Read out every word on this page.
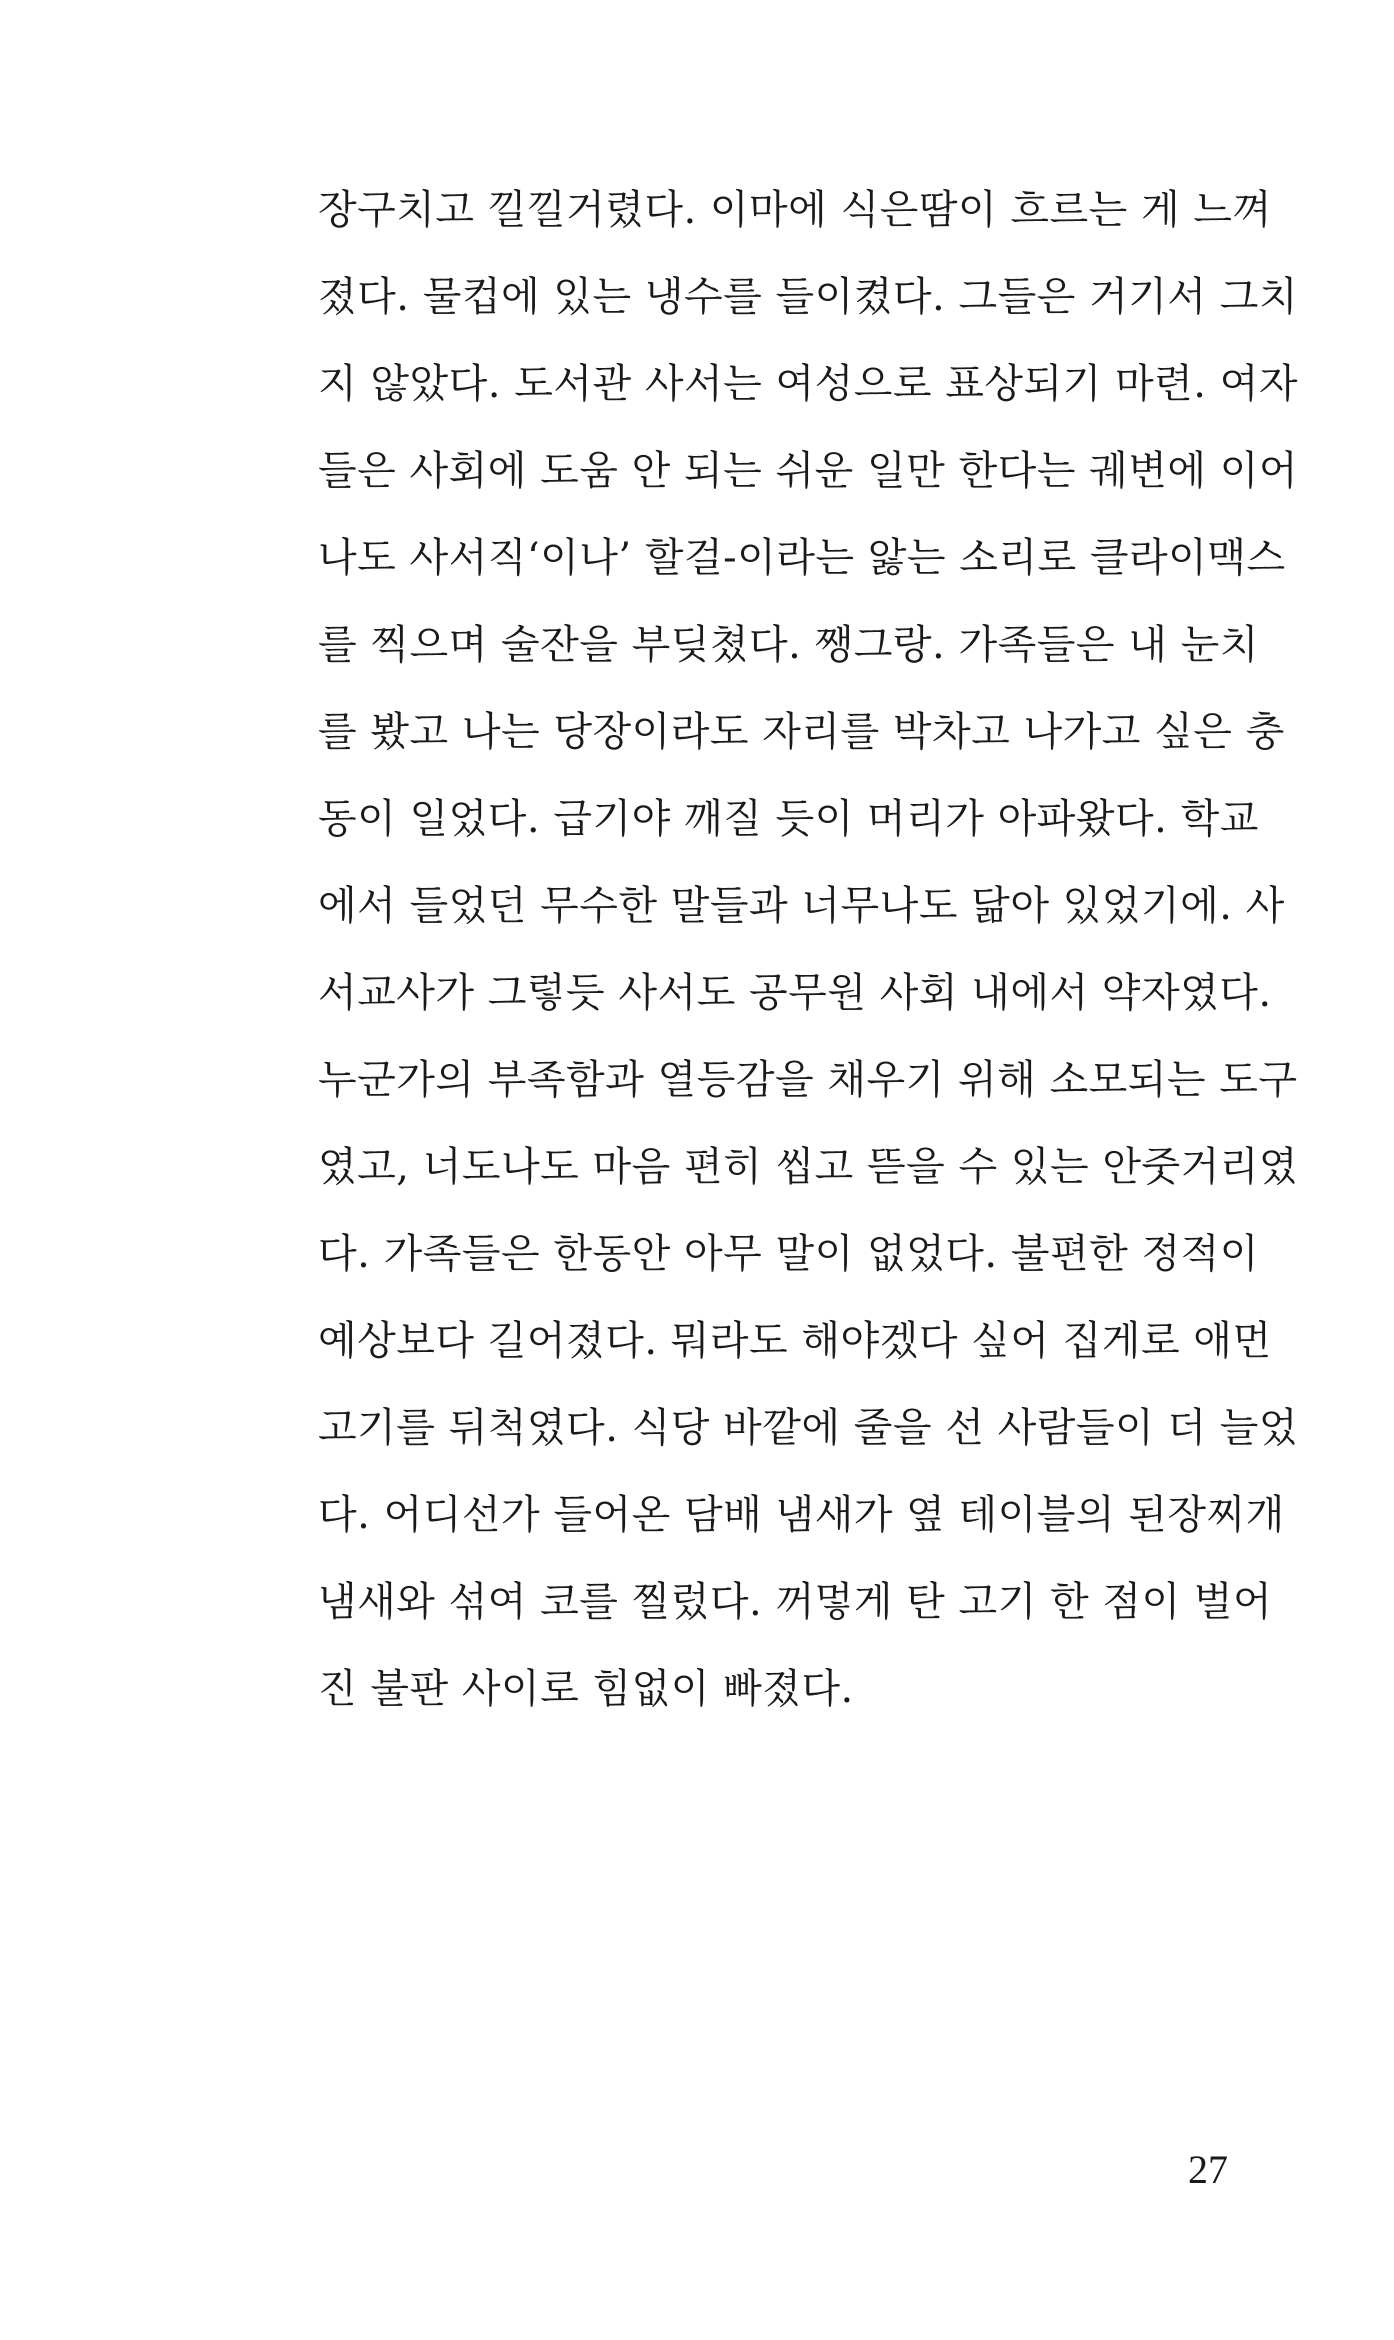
장구치고 낄낄거렸다. 이마에 식은땀이 흐르는 게 느껴
졌다. 물컵에 있는 냉수를 들이켰다. 그들은 거기서 그치
지 않았다. 도서관 사서는 여성으로 표상되기 마련. 여자
들은 사회에 도움 안 되는 쉬운 일만 한다는 궤변에 이어
나도 사서직‘이나’ 할걸-이라는 앓는 소리로 클라이맥스
를 찍으며 술잔을 부딪쳤다. 쨍그랑. 가족들은 내 눈치
를 봤고 나는 당장이라도 자리를 박차고 나가고 싶은 충
동이 일었다. 급기야 깨질 듯이 머리가 아파왔다. 학교
에서 들었던 무수한 말들과 너무나도 닮아 있었기에. 사
서교사가 그렇듯 사서도 공무원 사회 내에서 약자였다.
누군가의 부족함과 열등감을 채우기 위해 소모되는 도구
였고, 너도나도 마음 편히 씹고 뜯을 수 있는 안줏거리였
다. 가족들은 한동안 아무 말이 없었다. 불편한 정적이
예상보다 길어졌다. 뭐라도 해야겠다 싶어 집게로 애먼
고기를 뒤척였다. 식당 바깥에 줄을 선 사람들이 더 늘었
다. 어디선가 들어온 담배 냄새가 옆 테이블의 된장찌개
냄새와 섞여 코를 찔렀다. 꺼멓게 탄 고기 한 점이 벌어
진 불판 사이로 힘없이 빠졌다.
27
